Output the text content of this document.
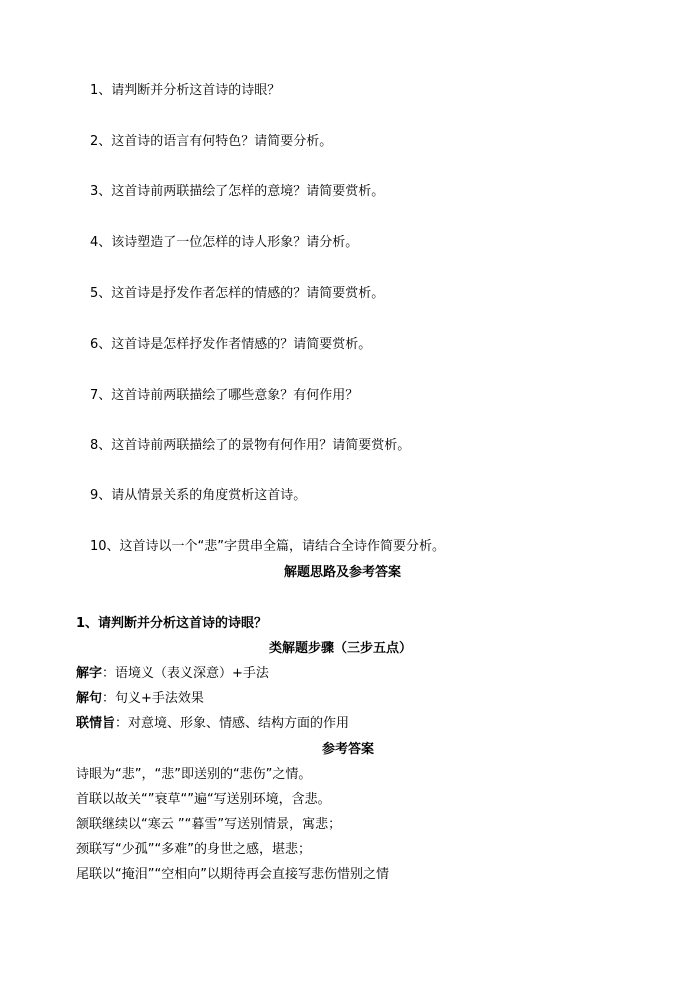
1、请判断并分析这首诗的诗眼？
2、这首诗的语言有何特色？请简要分析。
3、这首诗前两联描绘了怎样的意境？请简要赏析。
4、该诗塑造了一位怎样的诗人形象？请分析。
5、这首诗是抒发作者怎样的情感的？请简要赏析。
6、这首诗是怎样抒发作者情感的？请简要赏析。
7、这首诗前两联描绘了哪些意象？有何作用？
8、这首诗前两联描绘了的景物有何作用？请简要赏析。
9、请从情景关系的角度赏析这首诗。
10、这首诗以一个“悲”字贯串全篇，请结合全诗作简要分析。
解题思路及参考答案
1、请判断并分析这首诗的诗眼？
类解题步骤（三步五点）
解字：语境义（表义深意）+手法
解句：句义+手法效果
联情旨：对意境、形象、情感、结构方面的作用
参考答案
诗眼为“悲”，“悲”即送别的“悲伤”之情。
首联以故关“”衰草“”遍“写送别环境，含悲。
颔联继续以“寒云 ”“暮雪”写送别情景，寓悲；
颈联写“少孤”“多难”的身世之感，堪悲；
尾联以“掩泪”“空相向”以期待再会直接写悲伤惜别之情
